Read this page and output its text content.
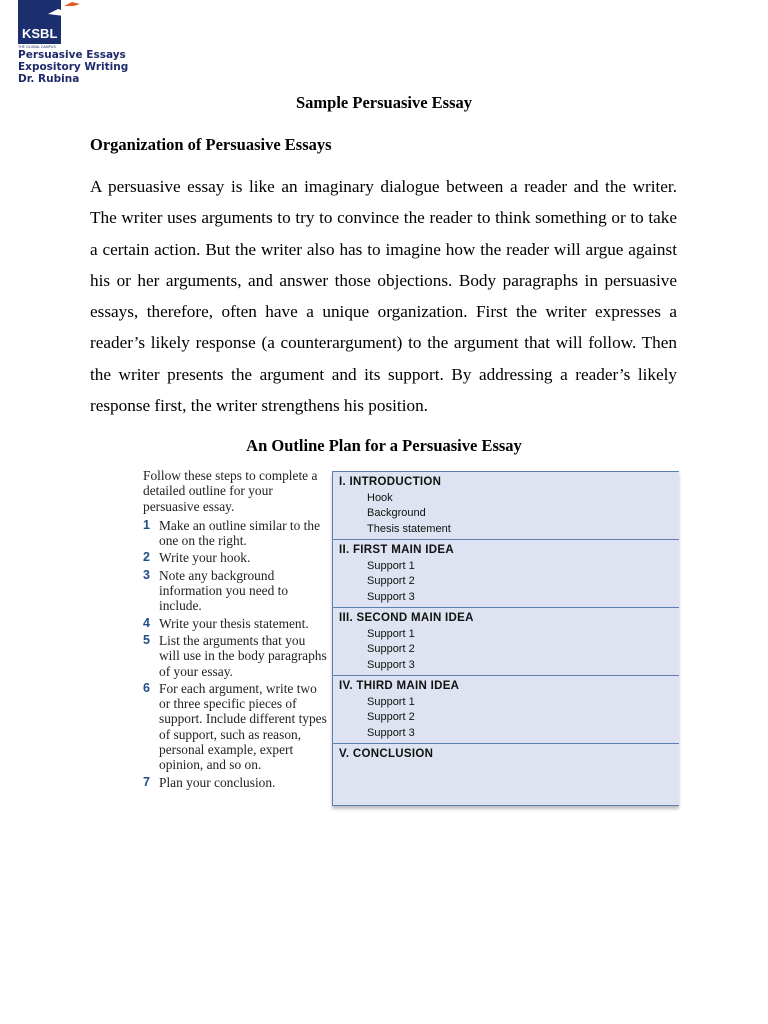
KSBL
THE GLOBAL CAMPUS
Persuasive Essays
Expository Writing
Dr. Rubina
Sample Persuasive Essay
Organization of Persuasive Essays
A persuasive essay is like an imaginary dialogue between a reader and the writer. The writer uses arguments to try to convince the reader to think something or to take a certain action. But the writer also has to imagine how the reader will argue against his or her arguments, and answer those objections. Body paragraphs in persuasive essays, therefore, often have a unique organization. First the writer expresses a reader’s likely response (a counterargument) to the argument that will follow. Then the writer presents the argument and its support. By addressing a reader’s likely response first, the writer strengthens his position.
An Outline Plan for a Persuasive Essay
Follow these steps to complete a detailed outline for your persuasive essay.
1 Make an outline similar to the one on the right.
2 Write your hook.
3 Note any background information you need to include.
4 Write your thesis statement.
5 List the arguments that you will use in the body paragraphs of your essay.
6 For each argument, write two or three specific pieces of support. Include different types of support, such as reason, personal example, expert opinion, and so on.
7 Plan your conclusion.
I. INTRODUCTION
Hook
Background
Thesis statement
II. FIRST MAIN IDEA
Support 1
Support 2
Support 3
III. SECOND MAIN IDEA
Support 1
Support 2
Support 3
IV. THIRD MAIN IDEA
Support 1
Support 2
Support 3
V. CONCLUSION
